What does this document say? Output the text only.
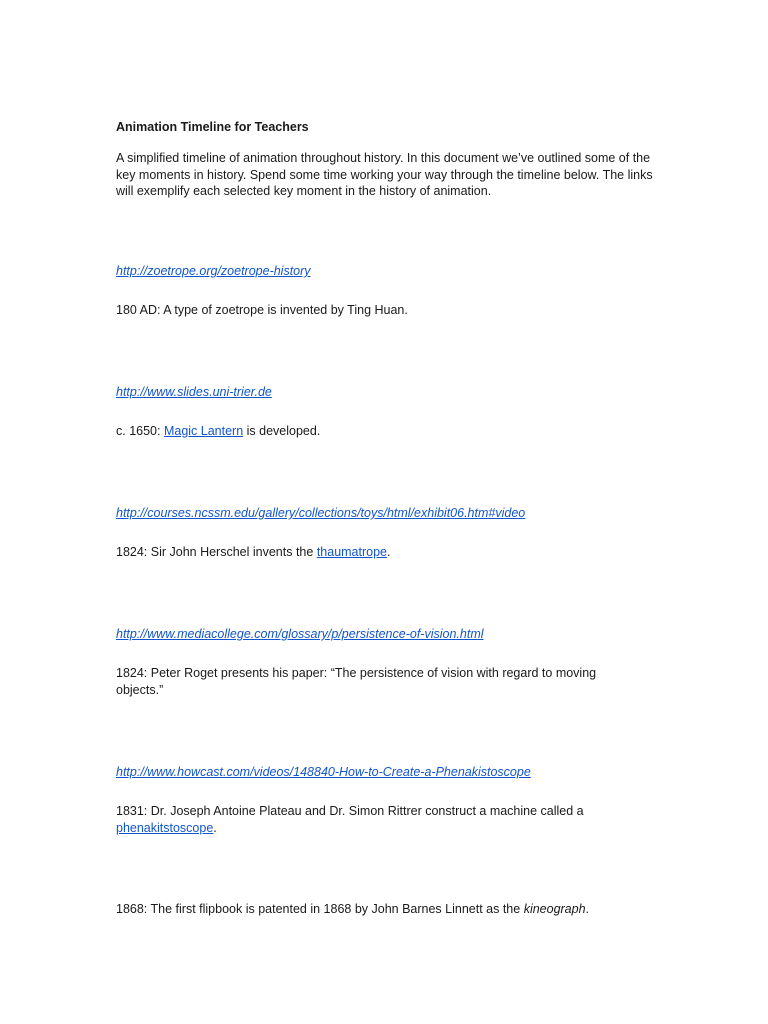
Animation Timeline for Teachers
A simplified timeline of animation throughout history. In this document we’ve outlined some of the key moments in history. Spend some time working your way through the timeline below. The links will exemplify each selected key moment in the history of animation.
http://zoetrope.org/zoetrope-history
180 AD: A type of zoetrope is invented by Ting Huan.
http://www.slides.uni-trier.de
c. 1650: Magic Lantern is developed.
http://courses.ncssm.edu/gallery/collections/toys/html/exhibit06.htm#video
1824: Sir John Herschel invents the thaumatrope.
http://www.mediacollege.com/glossary/p/persistence-of-vision.html
1824: Peter Roget presents his paper: “The persistence of vision with regard to moving objects.”
http://www.howcast.com/videos/148840-How-to-Create-a-Phenakistoscope
1831: Dr. Joseph Antoine Plateau and Dr. Simon Rittrer construct a machine called a phenakitstoscope.
1868: The first flipbook is patented in 1868 by John Barnes Linnett as the kineograph.
